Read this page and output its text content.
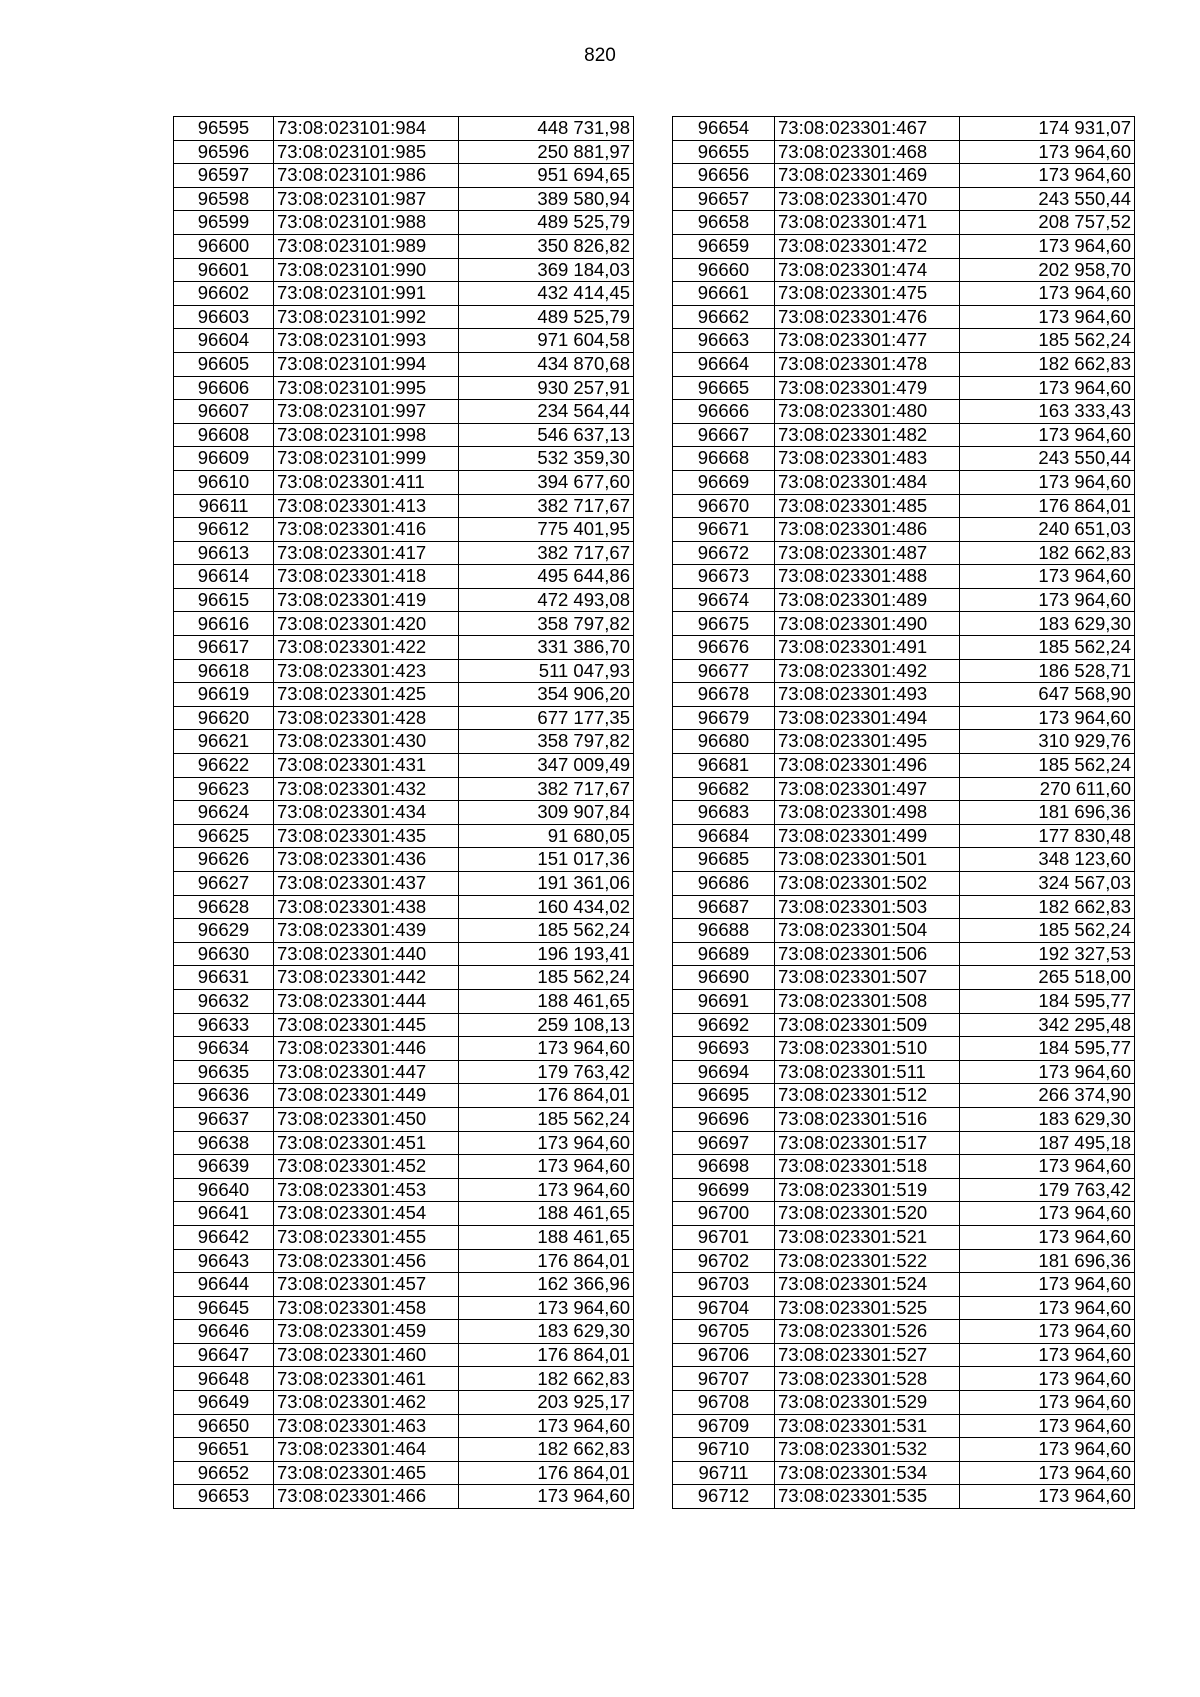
820
96595	73:08:023101:984	448 731,98
96596	73:08:023101:985	250 881,97
96597	73:08:023101:986	951 694,65
96598	73:08:023101:987	389 580,94
96599	73:08:023101:988	489 525,79
96600	73:08:023101:989	350 826,82
96601	73:08:023101:990	369 184,03
96602	73:08:023101:991	432 414,45
96603	73:08:023101:992	489 525,79
96604	73:08:023101:993	971 604,58
96605	73:08:023101:994	434 870,68
96606	73:08:023101:995	930 257,91
96607	73:08:023101:997	234 564,44
96608	73:08:023101:998	546 637,13
96609	73:08:023101:999	532 359,30
96610	73:08:023301:411	394 677,60
96611	73:08:023301:413	382 717,67
96612	73:08:023301:416	775 401,95
96613	73:08:023301:417	382 717,67
96614	73:08:023301:418	495 644,86
96615	73:08:023301:419	472 493,08
96616	73:08:023301:420	358 797,82
96617	73:08:023301:422	331 386,70
96618	73:08:023301:423	511 047,93
96619	73:08:023301:425	354 906,20
96620	73:08:023301:428	677 177,35
96621	73:08:023301:430	358 797,82
96622	73:08:023301:431	347 009,49
96623	73:08:023301:432	382 717,67
96624	73:08:023301:434	309 907,84
96625	73:08:023301:435	91 680,05
96626	73:08:023301:436	151 017,36
96627	73:08:023301:437	191 361,06
96628	73:08:023301:438	160 434,02
96629	73:08:023301:439	185 562,24
96630	73:08:023301:440	196 193,41
96631	73:08:023301:442	185 562,24
96632	73:08:023301:444	188 461,65
96633	73:08:023301:445	259 108,13
96634	73:08:023301:446	173 964,60
96635	73:08:023301:447	179 763,42
96636	73:08:023301:449	176 864,01
96637	73:08:023301:450	185 562,24
96638	73:08:023301:451	173 964,60
96639	73:08:023301:452	173 964,60
96640	73:08:023301:453	173 964,60
96641	73:08:023301:454	188 461,65
96642	73:08:023301:455	188 461,65
96643	73:08:023301:456	176 864,01
96644	73:08:023301:457	162 366,96
96645	73:08:023301:458	173 964,60
96646	73:08:023301:459	183 629,30
96647	73:08:023301:460	176 864,01
96648	73:08:023301:461	182 662,83
96649	73:08:023301:462	203 925,17
96650	73:08:023301:463	173 964,60
96651	73:08:023301:464	182 662,83
96652	73:08:023301:465	176 864,01
96653	73:08:023301:466	173 964,60
96654	73:08:023301:467	174 931,07
96655	73:08:023301:468	173 964,60
96656	73:08:023301:469	173 964,60
96657	73:08:023301:470	243 550,44
96658	73:08:023301:471	208 757,52
96659	73:08:023301:472	173 964,60
96660	73:08:023301:474	202 958,70
96661	73:08:023301:475	173 964,60
96662	73:08:023301:476	173 964,60
96663	73:08:023301:477	185 562,24
96664	73:08:023301:478	182 662,83
96665	73:08:023301:479	173 964,60
96666	73:08:023301:480	163 333,43
96667	73:08:023301:482	173 964,60
96668	73:08:023301:483	243 550,44
96669	73:08:023301:484	173 964,60
96670	73:08:023301:485	176 864,01
96671	73:08:023301:486	240 651,03
96672	73:08:023301:487	182 662,83
96673	73:08:023301:488	173 964,60
96674	73:08:023301:489	173 964,60
96675	73:08:023301:490	183 629,30
96676	73:08:023301:491	185 562,24
96677	73:08:023301:492	186 528,71
96678	73:08:023301:493	647 568,90
96679	73:08:023301:494	173 964,60
96680	73:08:023301:495	310 929,76
96681	73:08:023301:496	185 562,24
96682	73:08:023301:497	270 611,60
96683	73:08:023301:498	181 696,36
96684	73:08:023301:499	177 830,48
96685	73:08:023301:501	348 123,60
96686	73:08:023301:502	324 567,03
96687	73:08:023301:503	182 662,83
96688	73:08:023301:504	185 562,24
96689	73:08:023301:506	192 327,53
96690	73:08:023301:507	265 518,00
96691	73:08:023301:508	184 595,77
96692	73:08:023301:509	342 295,48
96693	73:08:023301:510	184 595,77
96694	73:08:023301:511	173 964,60
96695	73:08:023301:512	266 374,90
96696	73:08:023301:516	183 629,30
96697	73:08:023301:517	187 495,18
96698	73:08:023301:518	173 964,60
96699	73:08:023301:519	179 763,42
96700	73:08:023301:520	173 964,60
96701	73:08:023301:521	173 964,60
96702	73:08:023301:522	181 696,36
96703	73:08:023301:524	173 964,60
96704	73:08:023301:525	173 964,60
96705	73:08:023301:526	173 964,60
96706	73:08:023301:527	173 964,60
96707	73:08:023301:528	173 964,60
96708	73:08:023301:529	173 964,60
96709	73:08:023301:531	173 964,60
96710	73:08:023301:532	173 964,60
96711	73:08:023301:534	173 964,60
96712	73:08:023301:535	173 964,60
